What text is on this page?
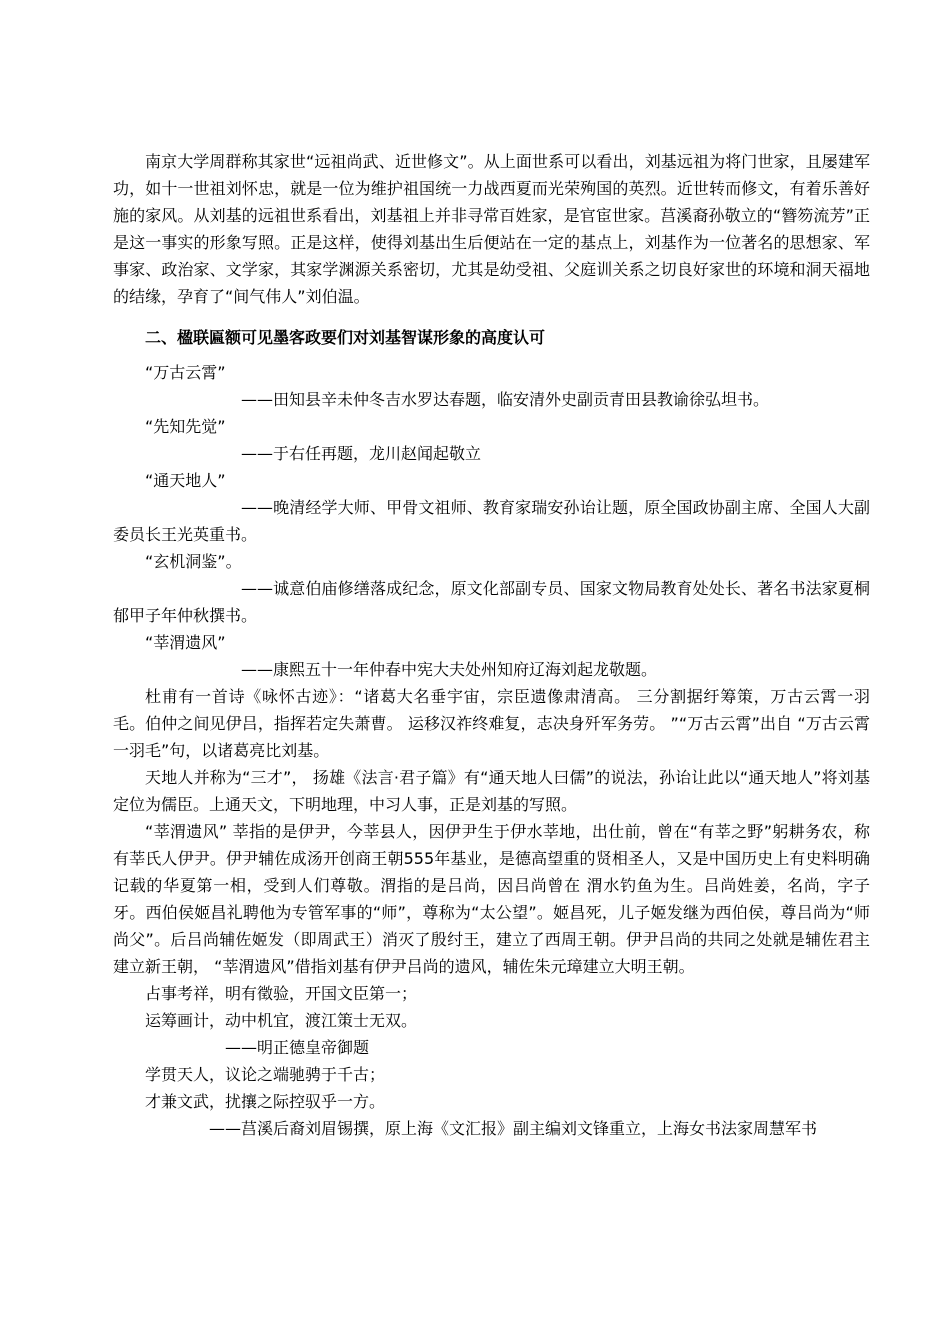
南京大学周群称其家世“远祖尚武、近世修文”。从上面世系可以看出，刘基远祖为将门世家，且屡建军功，如十一世祖刘怀忠，就是一位为维护祖国统一力战西夏而光荣殉国的英烈。近世转而修文，有着乐善好施的家风。从刘基的远祖世系看出，刘基祖上并非寻常百姓家，是官宦世家。莒溪裔孙敬立的“簪笏流芳”正是这一事实的形象写照。正是这样，使得刘基出生后便站在一定的基点上，刘基作为一位著名的思想家、军事家、政治家、文学家，其家学渊源关系密切，尤其是幼受祖、父庭训关系之切良好家世的环境和洞天福地的结缘，孕育了“间气伟人”刘伯温。

二、楹联匾额可见墨客政要们对刘基智谋形象的高度认可

“万古云霄”

——田知县辛未仲冬吉水罗达春题，临安清外史副贡青田县教谕徐弘坦书。

“先知先觉”

——于右任再题，龙川赵闻起敬立

“通天地人”

——晚清经学大师、甲骨文祖师、教育家瑞安孙诒让题，原全国政协副主席、全国人大副委员长王光英重书。

“玄机洞鉴”。

——诚意伯庙修缮落成纪念，原文化部副专员、国家文物局教育处处长、著名书法家夏桐郁甲子年仲秋撰书。

“莘渭遗风”

——康熙五十一年仲春中宪大夫处州知府辽海刘起龙敬题。

杜甫有一首诗《咏怀古迹》：“诸葛大名垂宇宙，宗臣遗像肃清高。 三分割据纡筹策，万古云霄一羽毛。伯仲之间见伊吕，指挥若定失萧曹。 运移汉祚终难复，志决身歼军务劳。 ”“万古云霄”出自 “万古云霄一羽毛”句，以诸葛亮比刘基。

天地人并称为“三才”， 扬雄《法言·君子篇》有“通天地人曰儒”的说法，孙诒让此以“通天地人”将刘基定位为儒臣。上通天文，下明地理，中习人事，正是刘基的写照。

“莘渭遗风” 莘指的是伊尹，今莘县人，因伊尹生于伊水莘地，出仕前，曾在“有莘之野”躬耕务农，称有莘氏人伊尹。伊尹辅佐成汤开创商王朝555年基业，是德高望重的贤相圣人，又是中国历史上有史料明确记载的华夏第一相，受到人们尊敬。渭指的是吕尚，因吕尚曾在 渭水钓鱼为生。吕尚姓姜，名尚，字子牙。西伯侯姬昌礼聘他为专管军事的“师”，尊称为“太公望”。姬昌死，儿子姬发继为西伯侯，尊吕尚为“师尚父”。后吕尚辅佐姬发（即周武王）消灭了殷纣王，建立了西周王朝。伊尹吕尚的共同之处就是辅佐君主建立新王朝， “莘渭遗风”借指刘基有伊尹吕尚的遗风，辅佐朱元璋建立大明王朝。

占事考祥，明有徵验，开国文臣第一；

运筹画计，动中机宜，渡江策士无双。

——明正德皇帝御题

学贯天人，议论之端驰骋于千古；

才兼文武，扰攘之际控驭乎一方。

——莒溪后裔刘眉锡撰，原上海《文汇报》副主编刘文锋重立，上海女书法家周慧军书
